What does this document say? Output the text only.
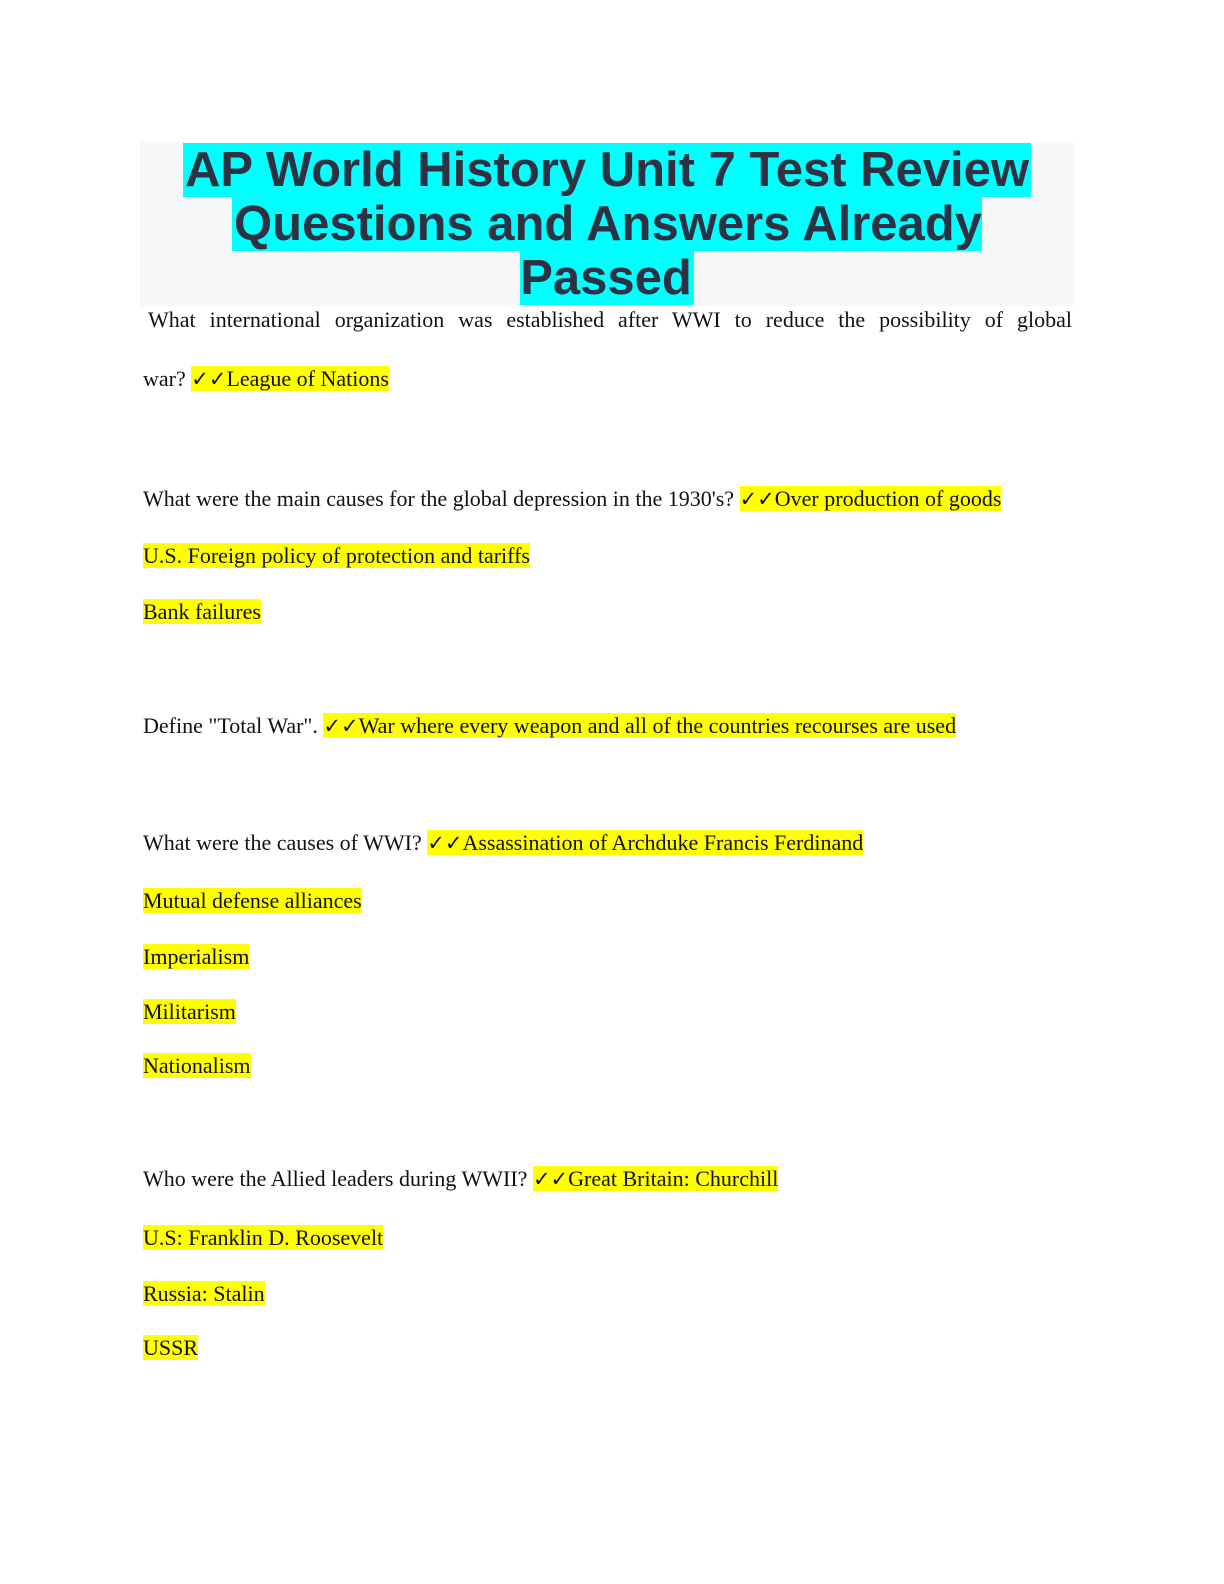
AP World History Unit 7 Test Review
Questions and Answers Already Passed
What international organization was established after WWI to reduce the possibility of global
war? ✓✓League of Nations
What were the main causes for the global depression in the 1930's? ✓✓Over production of goods
U.S. Foreign policy of protection and tariffs
Bank failures
Define "Total War". ✓✓War where every weapon and all of the countries recourses are used
What were the causes of WWI? ✓✓Assassination of Archduke Francis Ferdinand
Mutual defense alliances
Imperialism
Militarism
Nationalism
Who were the Allied leaders during WWII? ✓✓Great Britain: Churchill
U.S: Franklin D. Roosevelt
Russia: Stalin
USSR
